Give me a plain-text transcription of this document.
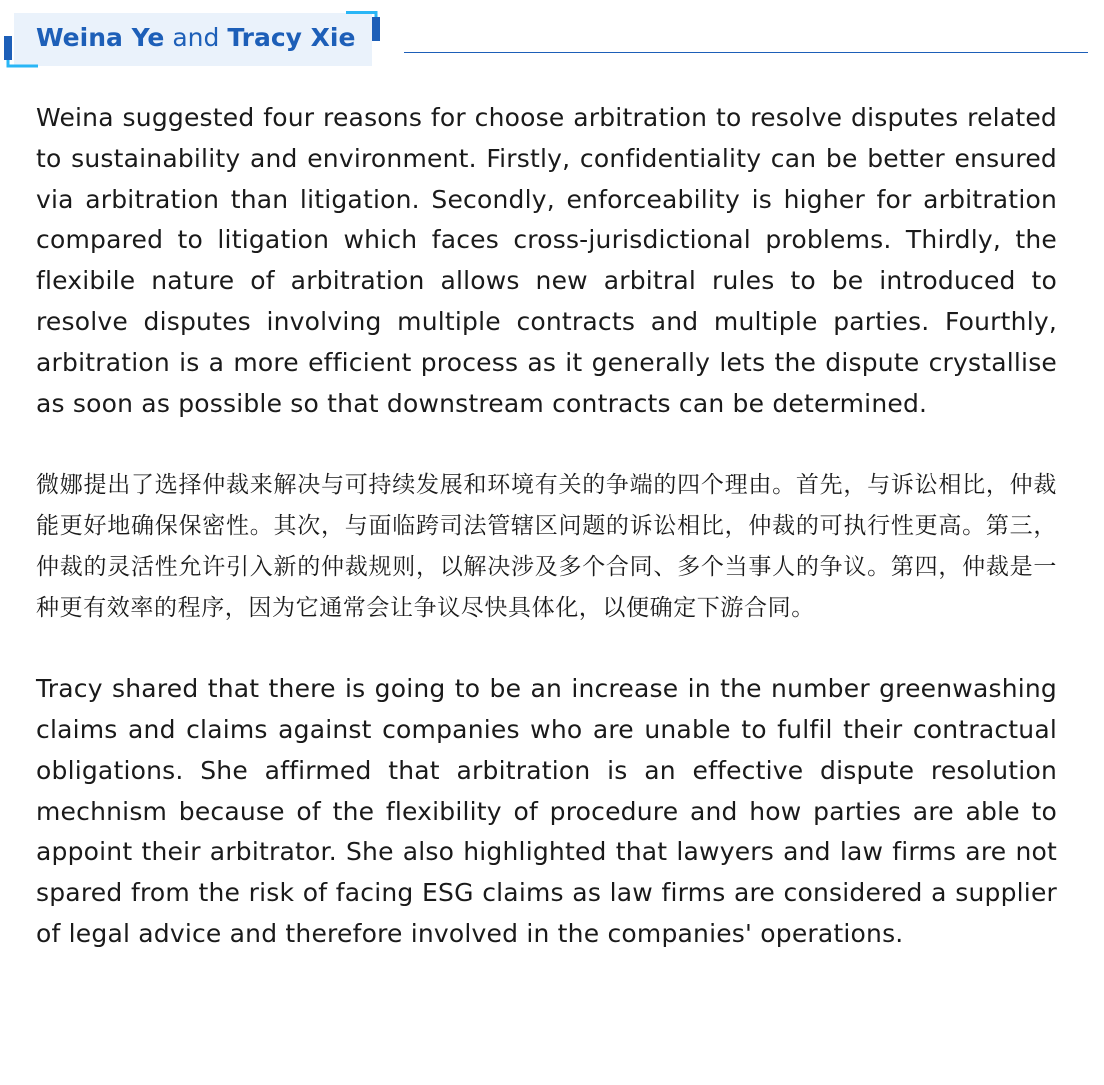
Weina Ye and Tracy Xie

Weina suggested four reasons for choose arbitration to resolve disputes related to sustainability and environment. Firstly, confidentiality can be better ensured via arbitration than litigation. Secondly, enforceability is higher for arbitration compared to litigation which faces cross-jurisdictional problems. Thirdly, the flexibile nature of arbitration allows new arbitral rules to be introduced to resolve disputes involving multiple contracts and multiple parties. Fourthly, arbitration is a more efficient process as it generally lets the dispute crystallise as soon as possible so that downstream contracts can be determined.

微娜提出了选择仲裁来解决与可持续发展和环境有关的争端的四个理由。首先，与诉讼相比，仲裁能更好地确保保密性。其次，与面临跨司法管辖区问题的诉讼相比，仲裁的可执行性更高。第三，仲裁的灵活性允许引入新的仲裁规则，以解决涉及多个合同、多个当事人的争议。第四，仲裁是一种更有效率的程序，因为它通常会让争议尽快具体化，以便确定下游合同。

Tracy shared that there is going to be an increase in the number greenwashing claims and claims against companies who are unable to fulfil their contractual obligations. She affirmed that arbitration is an effective dispute resolution mechnism because of the flexibility of procedure and how parties are able to appoint their arbitrator. She also highlighted that lawyers and law firms are not spared from the risk of facing ESG claims as law firms are considered a supplier of legal advice and therefore involved in the companies' operations.
